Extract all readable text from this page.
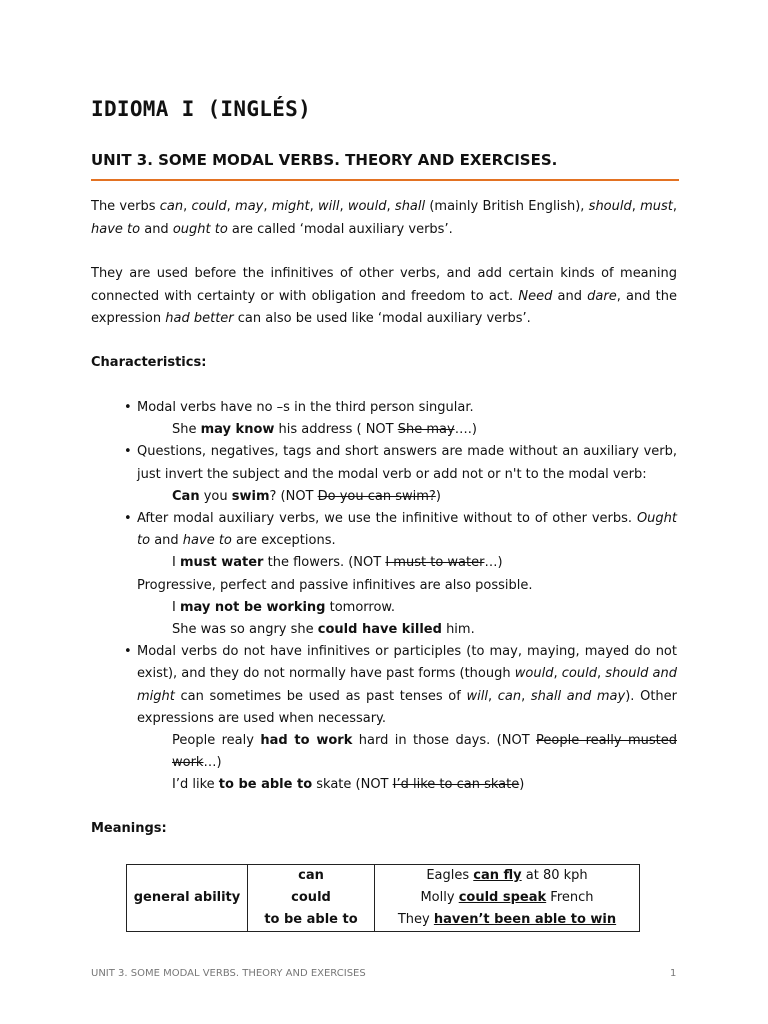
IDIOMA I (INGLÉS)
UNIT 3. SOME MODAL VERBS. THEORY AND EXERCISES.

The verbs can, could, may, might, will, would, shall (mainly British English), should, must, have to and ought to are called ‘modal auxiliary verbs’.

They are used before the infinitives of other verbs, and add certain kinds of meaning connected with certainty or with obligation and freedom to act. Need and dare, and the expression had better can also be used like ‘modal auxiliary verbs’.

Characteristics:

• Modal verbs have no –s in the third person singular.

She may know his address ( NOT She may….)

• Questions, negatives, tags and short answers are made without an auxiliary verb, just invert the subject and the modal verb or add not or n't to the modal verb:

Can you swim? (NOT Do you can swim?)

• After modal auxiliary verbs, we use the infinitive without to of other verbs. Ought to and have to are exceptions.

I must water the flowers. (NOT I must to water…)

Progressive, perfect and passive infinitives are also possible.

I may not be working tomorrow.

She was so angry she could have killed him.

• Modal verbs do not have infinitives or participles (to may, maying, mayed do not exist), and they do not normally have past forms (though would, could, should and might can sometimes be used as past tenses of will, can, shall and may). Other expressions are used when necessary.

People realy had to work hard in those days. (NOT People really musted work…)

I’d like to be able to skate (NOT I’d like to can skate)

Meanings:

general ability	can	Eagles can fly at 80 kph
	could	Molly could speak French
	to be able to	They haven’t been able to win

UNIT 3. SOME MODAL VERBS. THEORY AND EXERCISES	1
